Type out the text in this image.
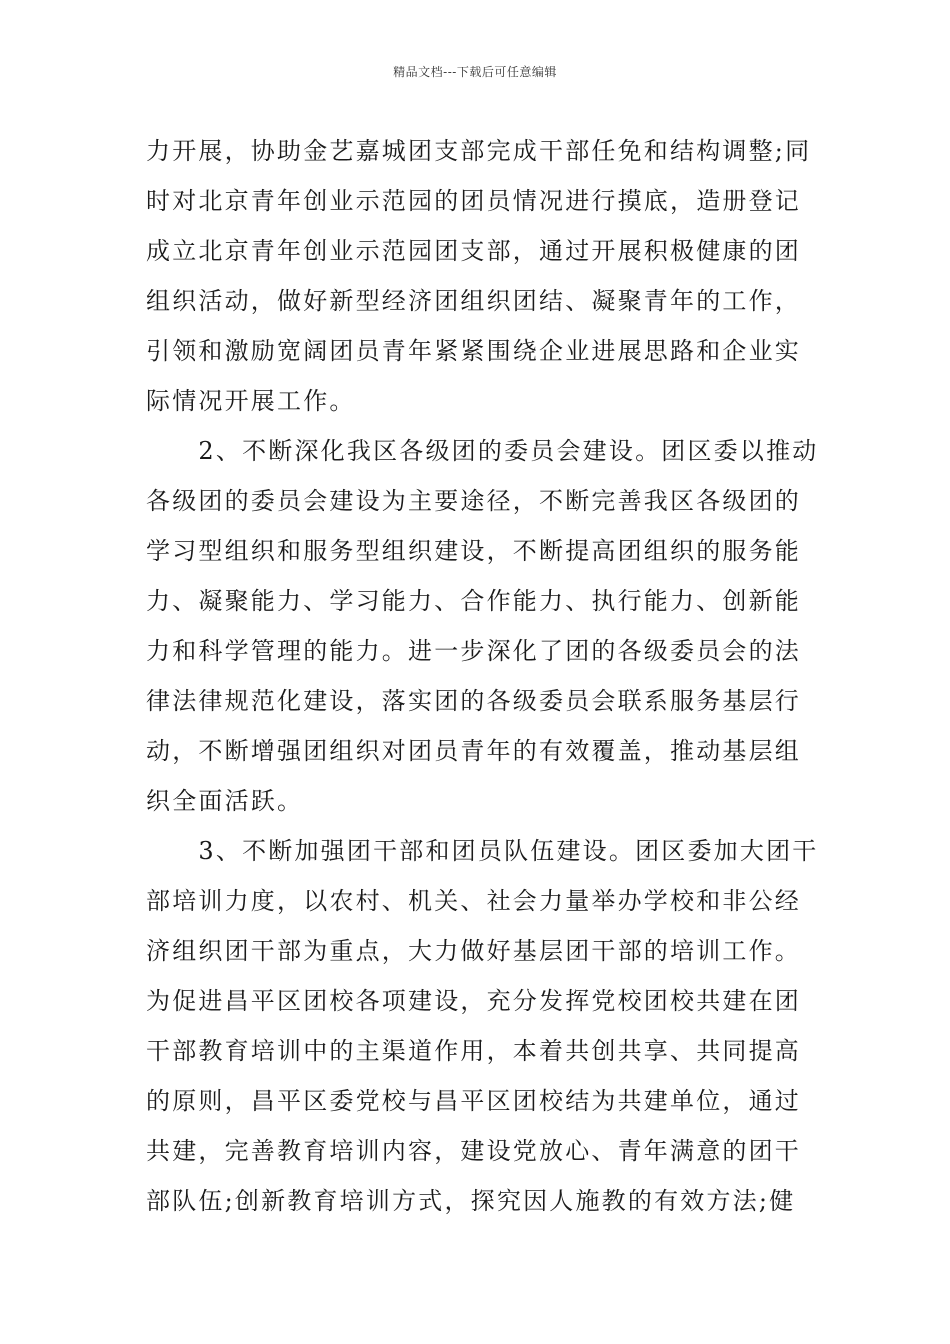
精品文档---下载后可任意编辑
力开展，协助金艺嘉城团支部完成干部任免和结构调整;同
时对北京青年创业示范园的团员情况进行摸底，造册登记
成立北京青年创业示范园团支部，通过开展积极健康的团
组织活动，做好新型经济团组织团结、凝聚青年的工作，
引领和激励宽阔团员青年紧紧围绕企业进展思路和企业实
际情况开展工作。
　　2、不断深化我区各级团的委员会建设。团区委以推动
各级团的委员会建设为主要途径，不断完善我区各级团的
学习型组织和服务型组织建设，不断提高团组织的服务能
力、凝聚能力、学习能力、合作能力、执行能力、创新能
力和科学管理的能力。进一步深化了团的各级委员会的法
律法律规范化建设，落实团的各级委员会联系服务基层行
动，不断增强团组织对团员青年的有效覆盖，推动基层组
织全面活跃。
　　3、不断加强团干部和团员队伍建设。团区委加大团干
部培训力度，以农村、机关、社会力量举办学校和非公经
济组织团干部为重点，大力做好基层团干部的培训工作。
为促进昌平区团校各项建设，充分发挥党校团校共建在团
干部教育培训中的主渠道作用，本着共创共享、共同提高
的原则，昌平区委党校与昌平区团校结为共建单位，通过
共建，完善教育培训内容，建设党放心、青年满意的团干
部队伍;创新教育培训方式，探究因人施教的有效方法;健
